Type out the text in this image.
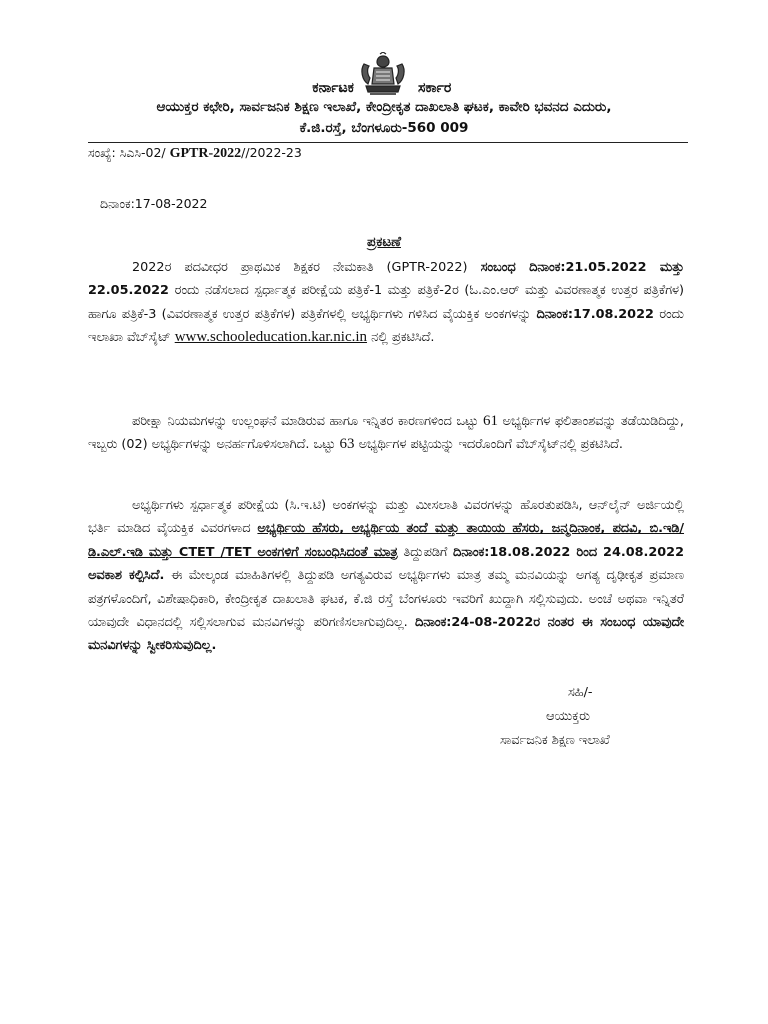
ಕರ್ನಾಟಕ	ಸರ್ಕಾರ
ಆಯುಕ್ತರ ಕಛೇರಿ, ಸಾರ್ವಜನಿಕ ಶಿಕ್ಷಣ ಇಲಾಖೆ, ಕೇಂದ್ರೀಕೃತ ದಾಖಲಾತಿ ಘಟಕ, ಕಾವೇರಿ ಭವನದ ಎದುರು,
ಕೆ.ಜಿ.ರಸ್ತೆ, ಬೆಂಗಳೂರು-560 009
ಸಂಖ್ಯೆ: ಸಿಎಸಿ-02/ GPTR-2022//2022-23
ದಿನಾಂಕ:17-08-2022
ಪ್ರಕಟಣೆ

2022ರ ಪದವೀಧರ ಪ್ರಾಥಮಿಕ ಶಿಕ್ಷಕರ ನೇಮಕಾತಿ (GPTR-2022) ಸಂಬಂಧ ದಿನಾಂಕ:21.05.2022 ಮತ್ತು 22.05.2022 ರಂದು ನಡೆಸಲಾದ ಸ್ಪರ್ಧಾತ್ಮಕ ಪರೀಕ್ಷೆಯ ಪತ್ರಿಕೆ-1 ಮತ್ತು ಪತ್ರಿಕೆ-2ರ (ಓ.ಎಂ.ಆರ್ ಮತ್ತು ವಿವರಣಾತ್ಮಕ ಉತ್ತರ ಪತ್ರಿಕೆಗಳ) ಹಾಗೂ ಪತ್ರಿಕೆ-3 (ವಿವರಣಾತ್ಮಕ ಉತ್ತರ ಪತ್ರಿಕೆಗಳ) ಪತ್ರಿಕೆಗಳಲ್ಲಿ ಅಭ್ಯರ್ಥಿಗಳು ಗಳಿಸಿದ ವೈಯಕ್ತಿಕ ಅಂಕಗಳನ್ನು ದಿನಾಂಕ:17.08.2022 ರಂದು ಇಲಾಖಾ ವೆಬ್‌ಸೈಟ್ www.schooleducation.kar.nic.in ನಲ್ಲಿ ಪ್ರಕಟಿಸಿದೆ.

ಪರೀಕ್ಷಾ ನಿಯಮಗಳನ್ನು ಉಲ್ಲಂಘನೆ ಮಾಡಿರುವ ಹಾಗೂ ಇನ್ನಿತರ ಕಾರಣಗಳಿಂದ ಒಟ್ಟು 61 ಅಭ್ಯರ್ಥಿಗಳ ಫಲಿತಾಂಶವನ್ನು ತಡೆಯಿಡಿದಿದ್ದು, ಇಬ್ಬರು (02) ಅಭ್ಯರ್ಥಿಗಳನ್ನು ಅನರ್ಹಗೊಳಿಸಲಾಗಿದೆ. ಒಟ್ಟು 63 ಅಭ್ಯರ್ಥಿಗಳ ಪಟ್ಟಿಯನ್ನು ಇದರೊಂದಿಗೆ ವೆಬ್‌ಸೈಟ್‌ನಲ್ಲಿ ಪ್ರಕಟಿಸಿದೆ.

ಅಭ್ಯರ್ಥಿಗಳು ಸ್ಪರ್ಧಾತ್ಮಕ ಪರೀಕ್ಷೆಯ (ಸಿ.ಇ.ಟಿ) ಅಂಕಗಳನ್ನು ಮತ್ತು ಮೀಸಲಾತಿ ವಿವರಗಳನ್ನು ಹೊರತುಪಡಿಸಿ, ಆನ್‌ಲೈನ್ ಅರ್ಜಿಯಲ್ಲಿ ಭರ್ತಿ ಮಾಡಿದ ವೈಯಕ್ತಿಕ ವಿವರಗಳಾದ ಅಭ್ಯರ್ಥಿಯ ಹೆಸರು, ಅಭ್ಯರ್ಥಿಯ ತಂದೆ ಮತ್ತು ತಾಯಿಯ ಹೆಸರು, ಜನ್ಮದಿನಾಂಕ, ಪದವಿ, ಬಿ.ಇಡಿ/ಡಿ.ಎಲ್.ಇಡಿ ಮತ್ತು CTET /TET ಅಂಕಗಳಿಗೆ ಸಂಬಂಧಿಸಿದಂತೆ ಮಾತ್ರ ತಿದ್ದುಪಡಿಗೆ ದಿನಾಂಕ:18.08.2022 ರಿಂದ 24.08.2022 ಅವಕಾಶ ಕಲ್ಪಿಸಿದೆ. ಈ ಮೇಲ್ಕಂಡ ಮಾಹಿತಿಗಳಲ್ಲಿ ತಿದ್ದುಪಡಿ ಅಗತ್ಯವಿರುವ ಅಭ್ಯರ್ಥಿಗಳು ಮಾತ್ರ ತಮ್ಮ ಮನವಿಯನ್ನು ಅಗತ್ಯ ದೃಢೀಕೃತ ಪ್ರಮಾಣ ಪತ್ರಗಳೊಂದಿಗೆ, ವಿಶೇಷಾಧಿಕಾರಿ, ಕೇಂದ್ರೀಕೃತ ದಾಖಲಾತಿ ಘಟಕ, ಕೆ.ಜಿ ರಸ್ತೆ ಬೆಂಗಳೂರು ಇವರಿಗೆ ಖುದ್ದಾಗಿ ಸಲ್ಲಿಸುವುದು. ಅಂಚೆ ಅಥವಾ ಇನ್ನಿತರೆ ಯಾವುದೇ ವಿಧಾನದಲ್ಲಿ ಸಲ್ಲಿಸಲಾಗುವ ಮನವಿಗಳನ್ನು ಪರಿಗಣಿಸಲಾಗುವುದಿಲ್ಲ. ದಿನಾಂಕ:24-08-2022ರ ನಂತರ ಈ ಸಂಬಂಧ ಯಾವುದೇ ಮನವಿಗಳನ್ನು ಸ್ವೀಕರಿಸುವುದಿಲ್ಲ.

ಸಹಿ/-
ಆಯುಕ್ತರು
ಸಾರ್ವಜನಿಕ ಶಿಕ್ಷಣ ಇಲಾಖೆ
